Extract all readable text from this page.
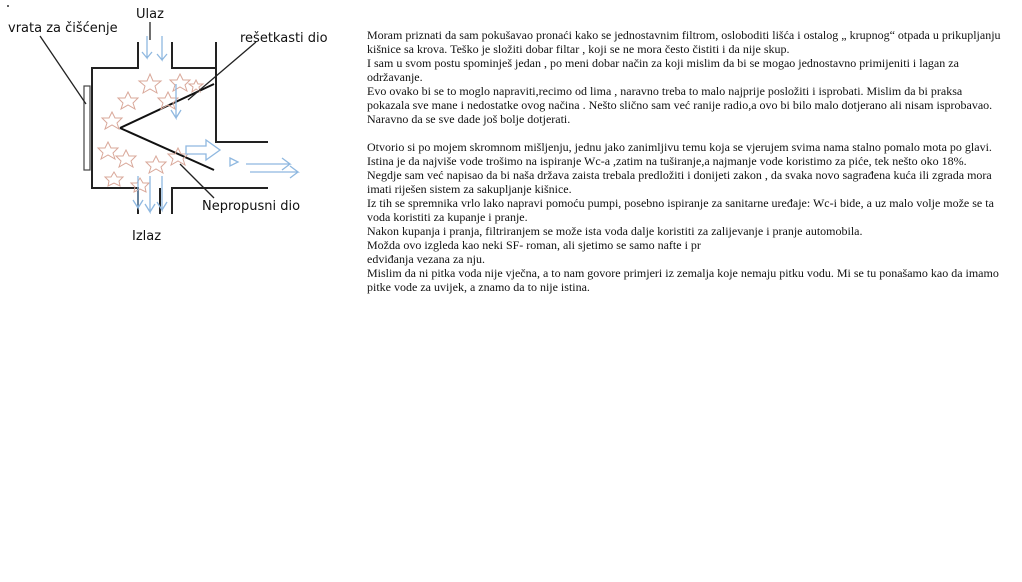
vrata za čišćenje
Ulaz
rešetkasti dio
Nepropusni dio
Izlaz

Moram priznati da sam pokušavao pronaći kako se jednostavnim filtrom, osloboditi lišća i ostalog „ krupnog“ otpada u prikupljanju kišnice sa krova. Teško je složiti dobar filtar , koji se ne mora često čistiti i da nije skup.

I sam u svom postu spominješ jedan , po meni dobar način za koji mislim da bi se mogao jednostavno primijeniti i lagan za održavanje.

Evo ovako bi se to moglo napraviti,recimo od lima , naravno treba to malo najprije posložiti i isprobati. Mislim da bi praksa pokazala sve mane i nedostatke ovog načina . Nešto slično sam već ranije radio,a ovo bi bilo malo dotjerano ali nisam isprobavao. Naravno da se sve dade još bolje dotjerati.

Otvorio si po mojem skromnom mišljenju, jednu jako zanimljivu temu koja se vjerujem svima nama stalno pomalo mota po glavi.

Istina je da najviše vode trošimo na ispiranje Wc-a ,zatim na tuširanje,a najmanje vode koristimo za piće, tek nešto oko 18%.

Negdje sam već napisao da bi naša država zaista trebala predložiti i donijeti zakon , da svaka novo sagrađena kuća ili zgrada mora imati riješen sistem za sakupljanje kišnice.

Iz tih se spremnika vrlo lako napravi pomoću pumpi, posebno ispiranje za sanitarne uređaje: Wc-i bide, a uz malo volje može se ta voda koristiti za kupanje i pranje.

Nakon kupanja i pranja, filtriranjem se može ista voda dalje koristiti za zalijevanje i pranje automobila.

Možda ovo izgleda kao neki SF- roman, ali sjetimo se samo nafte i pr

edviđanja vezana za nju.

Mislim da ni pitka voda nije vječna, a to nam govore primjeri iz zemalja koje nemaju pitku vodu. Mi se tu ponašamo kao da imamo pitke vode za uvijek, a znamo da to nije istina.
